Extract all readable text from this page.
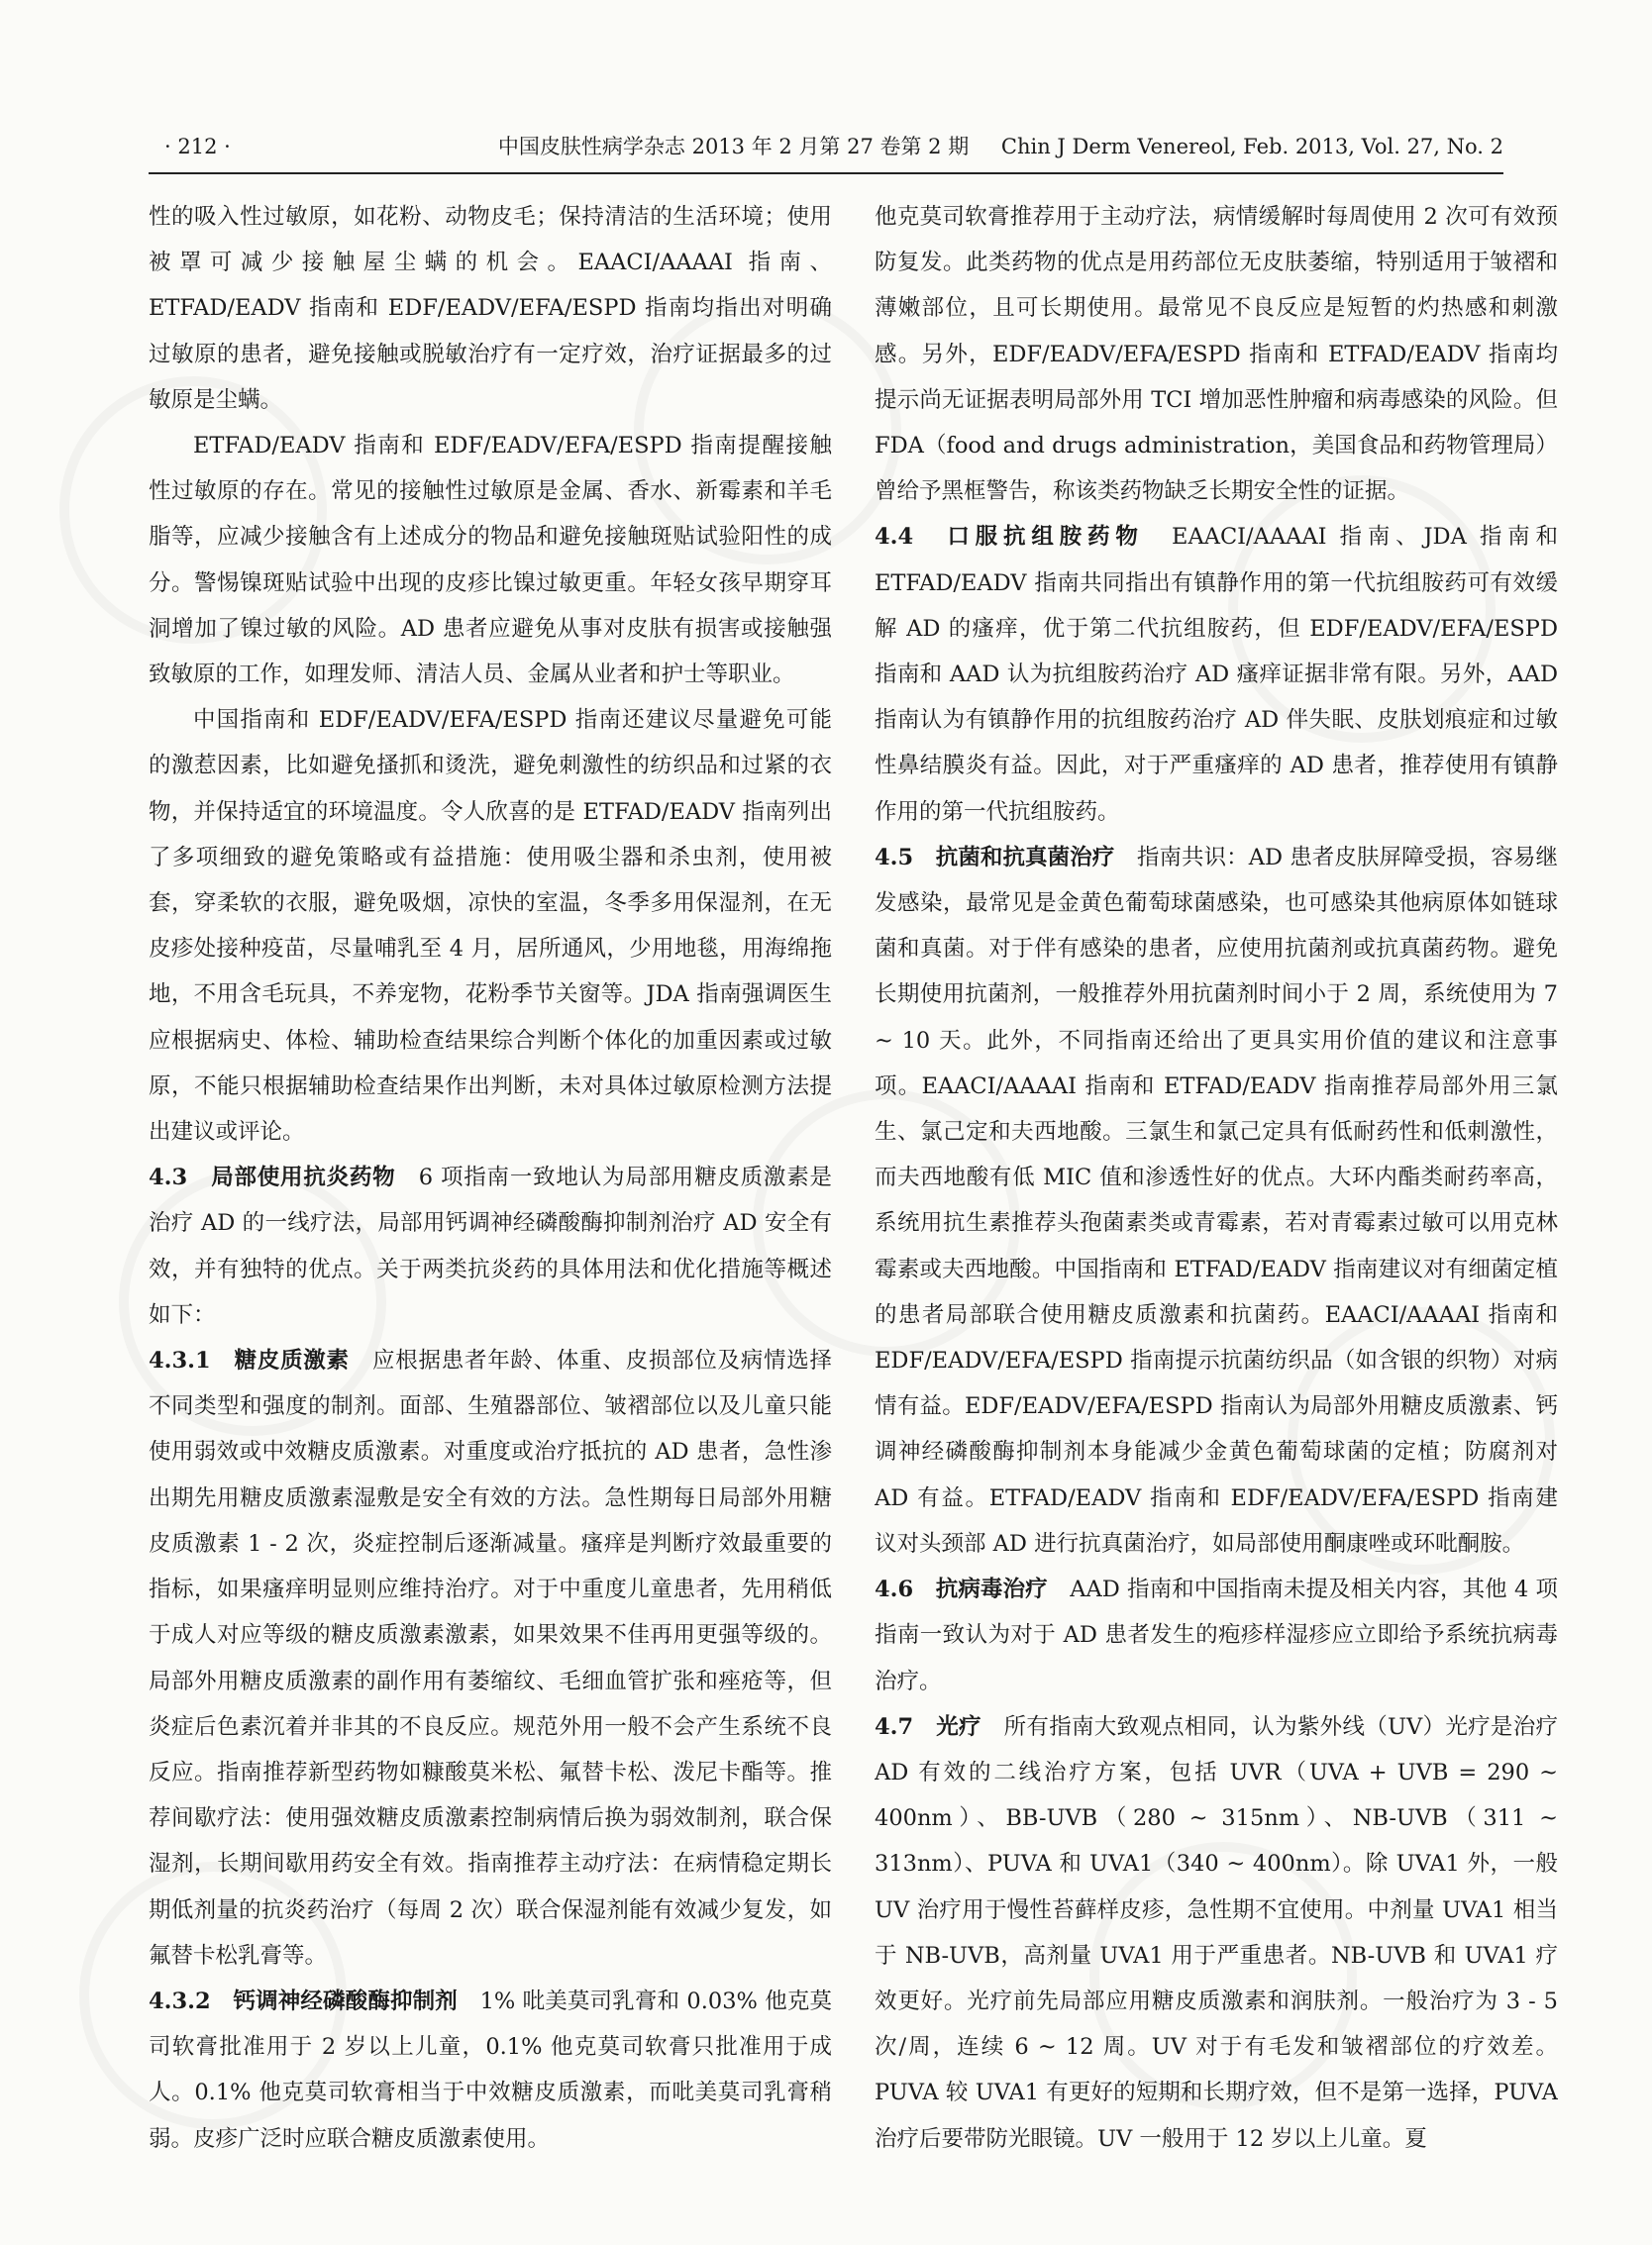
· 212 ·	中国皮肤性病学杂志 2013 年 2 月第 27 卷第 2 期 Chin J Derm Venereol, Feb. 2013, Vol. 27, No. 2

性的吸入性过敏原，如花粉、动物皮毛；保持清洁的生活环境；使用被罩可减少接触屋尘螨的机会。EAACI/AAAAI 指南、ETFAD/EADV 指南和 EDF/EADV/EFA/ESPD 指南均指出对明确过敏原的患者，避免接触或脱敏治疗有一定疗效，治疗证据最多的过敏原是尘螨。

ETFAD/EADV 指南和 EDF/EADV/EFA/ESPD 指南提醒接触性过敏原的存在。常见的接触性过敏原是金属、香水、新霉素和羊毛脂等，应减少接触含有上述成分的物品和避免接触斑贴试验阳性的成分。警惕镍斑贴试验中出现的皮疹比镍过敏更重。年轻女孩早期穿耳洞增加了镍过敏的风险。AD 患者应避免从事对皮肤有损害或接触强致敏原的工作，如理发师、清洁人员、金属从业者和护士等职业。

中国指南和 EDF/EADV/EFA/ESPD 指南还建议尽量避免可能的激惹因素，比如避免搔抓和烫洗，避免刺激性的纺织品和过紧的衣物，并保持适宜的环境温度。令人欣喜的是 ETFAD/EADV 指南列出了多项细致的避免策略或有益措施：使用吸尘器和杀虫剂，使用被套，穿柔软的衣服，避免吸烟，凉快的室温，冬季多用保湿剂，在无皮疹处接种疫苗，尽量哺乳至 4 月，居所通风，少用地毯，用海绵拖地，不用含毛玩具，不养宠物，花粉季节关窗等。JDA 指南强调医生应根据病史、体检、辅助检查结果综合判断个体化的加重因素或过敏原，不能只根据辅助检查结果作出判断，未对具体过敏原检测方法提出建议或评论。

4.3　局部使用抗炎药物　6 项指南一致地认为局部用糖皮质激素是治疗 AD 的一线疗法，局部用钙调神经磷酸酶抑制剂治疗 AD 安全有效，并有独特的优点。关于两类抗炎药的具体用法和优化措施等概述如下：

4.3.1　糖皮质激素　应根据患者年龄、体重、皮损部位及病情选择不同类型和强度的制剂。面部、生殖器部位、皱褶部位以及儿童只能使用弱效或中效糖皮质激素。对重度或治疗抵抗的 AD 患者，急性渗出期先用糖皮质激素湿敷是安全有效的方法。急性期每日局部外用糖皮质激素 1 - 2 次，炎症控制后逐渐减量。瘙痒是判断疗效最重要的指标，如果瘙痒明显则应维持治疗。对于中重度儿童患者，先用稍低于成人对应等级的糖皮质激素激素，如果效果不佳再用更强等级的。局部外用糖皮质激素的副作用有萎缩纹、毛细血管扩张和痤疮等，但炎症后色素沉着并非其的不良反应。规范外用一般不会产生系统不良反应。指南推荐新型药物如糠酸莫米松、氟替卡松、泼尼卡酯等。推荐间歇疗法：使用强效糖皮质激素控制病情后换为弱效制剂，联合保湿剂，长期间歇用药安全有效。指南推荐主动疗法：在病情稳定期长期低剂量的抗炎药治疗（每周 2 次）联合保湿剂能有效减少复发，如氟替卡松乳膏等。

4.3.2　钙调神经磷酸酶抑制剂　1% 吡美莫司乳膏和 0.03% 他克莫司软膏批准用于 2 岁以上儿童，0.1% 他克莫司软膏只批准用于成人。0.1% 他克莫司软膏相当于中效糖皮质激素，而吡美莫司乳膏稍弱。皮疹广泛时应联合糖皮质激素使用。

他克莫司软膏推荐用于主动疗法，病情缓解时每周使用 2 次可有效预防复发。此类药物的优点是用药部位无皮肤萎缩，特别适用于皱褶和薄嫩部位，且可长期使用。最常见不良反应是短暂的灼热感和刺激感。另外，EDF/EADV/EFA/ESPD 指南和 ETFAD/EADV 指南均提示尚无证据表明局部外用 TCI 增加恶性肿瘤和病毒感染的风险。但 FDA（food and drugs administration，美国食品和药物管理局）曾给予黑框警告，称该类药物缺乏长期安全性的证据。

4.4　口服抗组胺药物　EAACI/AAAAI 指南、JDA 指南和 ETFAD/EADV 指南共同指出有镇静作用的第一代抗组胺药可有效缓解 AD 的瘙痒，优于第二代抗组胺药，但 EDF/EADV/EFA/ESPD 指南和 AAD 认为抗组胺药治疗 AD 瘙痒证据非常有限。另外，AAD 指南认为有镇静作用的抗组胺药治疗 AD 伴失眠、皮肤划痕症和过敏性鼻结膜炎有益。因此，对于严重瘙痒的 AD 患者，推荐使用有镇静作用的第一代抗组胺药。

4.5　抗菌和抗真菌治疗　指南共识：AD 患者皮肤屏障受损，容易继发感染，最常见是金黄色葡萄球菌感染，也可感染其他病原体如链球菌和真菌。对于伴有感染的患者，应使用抗菌剂或抗真菌药物。避免长期使用抗菌剂，一般推荐外用抗菌剂时间小于 2 周，系统使用为 7 ~ 10 天。此外，不同指南还给出了更具实用价值的建议和注意事项。EAACI/AAAAI 指南和 ETFAD/EADV 指南推荐局部外用三氯生、氯己定和夫西地酸。三氯生和氯己定具有低耐药性和低刺激性，而夫西地酸有低 MIC 值和渗透性好的优点。大环内酯类耐药率高，系统用抗生素推荐头孢菌素类或青霉素，若对青霉素过敏可以用克林霉素或夫西地酸。中国指南和 ETFAD/EADV 指南建议对有细菌定植的患者局部联合使用糖皮质激素和抗菌药。EAACI/AAAAI 指南和 EDF/EADV/EFA/ESPD 指南提示抗菌纺织品（如含银的织物）对病情有益。EDF/EADV/EFA/ESPD 指南认为局部外用糖皮质激素、钙调神经磷酸酶抑制剂本身能减少金黄色葡萄球菌的定植；防腐剂对 AD 有益。ETFAD/EADV 指南和 EDF/EADV/EFA/ESPD 指南建议对头颈部 AD 进行抗真菌治疗，如局部使用酮康唑或环吡酮胺。

4.6　抗病毒治疗　AAD 指南和中国指南未提及相关内容，其他 4 项指南一致认为对于 AD 患者发生的疱疹样湿疹应立即给予系统抗病毒治疗。

4.7　光疗　所有指南大致观点相同，认为紫外线（UV）光疗是治疗 AD 有效的二线治疗方案，包括 UVR（UVA + UVB = 290 ~ 400nm）、BB-UVB（280 ~ 315nm）、NB-UVB（311 ~ 313nm）、PUVA 和 UVA1（340 ~ 400nm）。除 UVA1 外，一般 UV 治疗用于慢性苔藓样皮疹，急性期不宜使用。中剂量 UVA1 相当于 NB-UVB，高剂量 UVA1 用于严重患者。NB-UVB 和 UVA1 疗效更好。光疗前先局部应用糖皮质激素和润肤剂。一般治疗为 3 - 5 次/周，连续 6 ~ 12 周。UV 对于有毛发和皱褶部位的疗效差。PUVA 较 UVA1 有更好的短期和长期疗效，但不是第一选择，PUVA 治疗后要带防光眼镜。UV 一般用于 12 岁以上儿童。夏
